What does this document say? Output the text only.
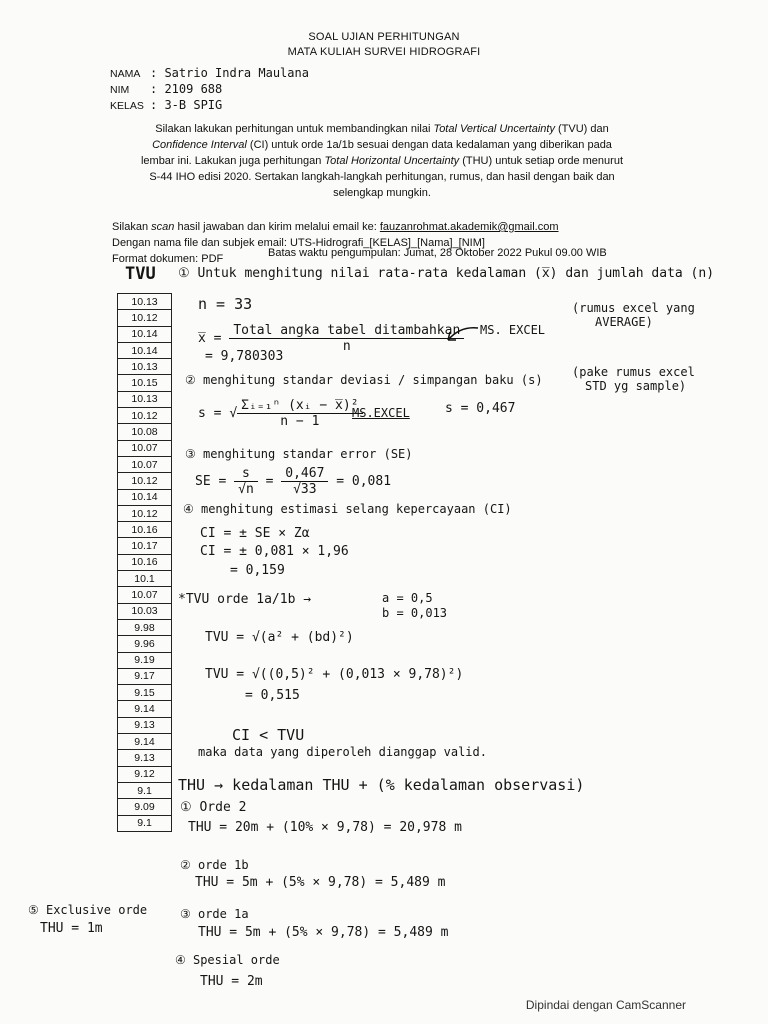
SOAL UJIAN PERHITUNGAN
MATA KULIAH SURVEI HIDROGRAFI
NAMA : Satrio Indra Maulana
NIM : 2109 688
KELAS : 3-B SPIG
Silakan lakukan perhitungan untuk membandingkan nilai Total Vertical Uncertainty (TVU) dan
Confidence Interval (CI) untuk orde 1a/1b sesuai dengan data kedalaman yang diberikan pada
lembar ini. Lakukan juga perhitungan Total Horizontal Uncertainty (THU) untuk setiap orde menurut
S-44 IHO edisi 2020. Sertakan langkah-langkah perhitungan, rumus, dan hasil dengan baik dan
selengkap mungkin.
Silakan scan hasil jawaban dan kirim melalui email ke: fauzanrohmat.akademik@gmail.com
Dengan nama file dan subjek email: UTS-Hidrografi_[KELAS]_[Nama]_[NIM]
Format dokumen: PDF	Batas waktu pengumpulan: Jumat, 28 Oktober 2022 Pukul 09.00 WIB
10.13
10.12
10.14
10.14
10.13
10.15
10.13
10.12
10.08
10.07
10.07
10.12
10.14
10.12
10.16
10.17
10.16
10.1
10.07
10.03
9.98
9.96
9.19
9.17
9.15
9.14
9.13
9.14
9.13
9.12
9.1
9.09
9.1
TVU ① Untuk menghitung nilai rata-rata kedalaman (x̅) dan jumlah data (n)
n = 33	(rumus excel yang
AVERAGE)
x̅ = $\frac{\text{Total angka tabel ditambahkan}}{n}$ MS. EXCEL
= 9,780303
② menghitung standar deviasi / simpangan baku (s)
(pake rumus excel
STD yg sample)
s = √ $\frac{\text{Σᵢ₌₁ⁿ (xᵢ − x̅)²}}{n - 1}$
MS.EXCEL	s = 0,467
③ menghitung standar error (SE)
SE = $\frac{s}{√n} = \frac{0,467}{√33} = 0,081$
④ menghitung estimasi selang kepercayaan (CI)
CI = ± SE × Zα
CI = ± 0,081 × 1,96
= 0,159
*TVU orde 1a/1b →	a = 0,5
b = 0,013
TVU = √(a² + (bd)²)
TVU = √((0,5)² + (0,013 × 9,78)²)
= 0,515
CI < TVU
maka data yang diperoleh dianggap valid.
THU → kedalaman THU + (% kedalaman observasi)
① Orde 2
THU = 20m + (10% × 9,78) = 20,978 m
② orde 1b
THU = 5m + (5% × 9,78) = 5,489 m
③ orde 1a
THU = 5m + (5% × 9,78) = 5,489 m
④ Spesial orde
THU = 2m
⑤ Exclusive orde
THU = 1m
Dipindai dengan CamScanner
